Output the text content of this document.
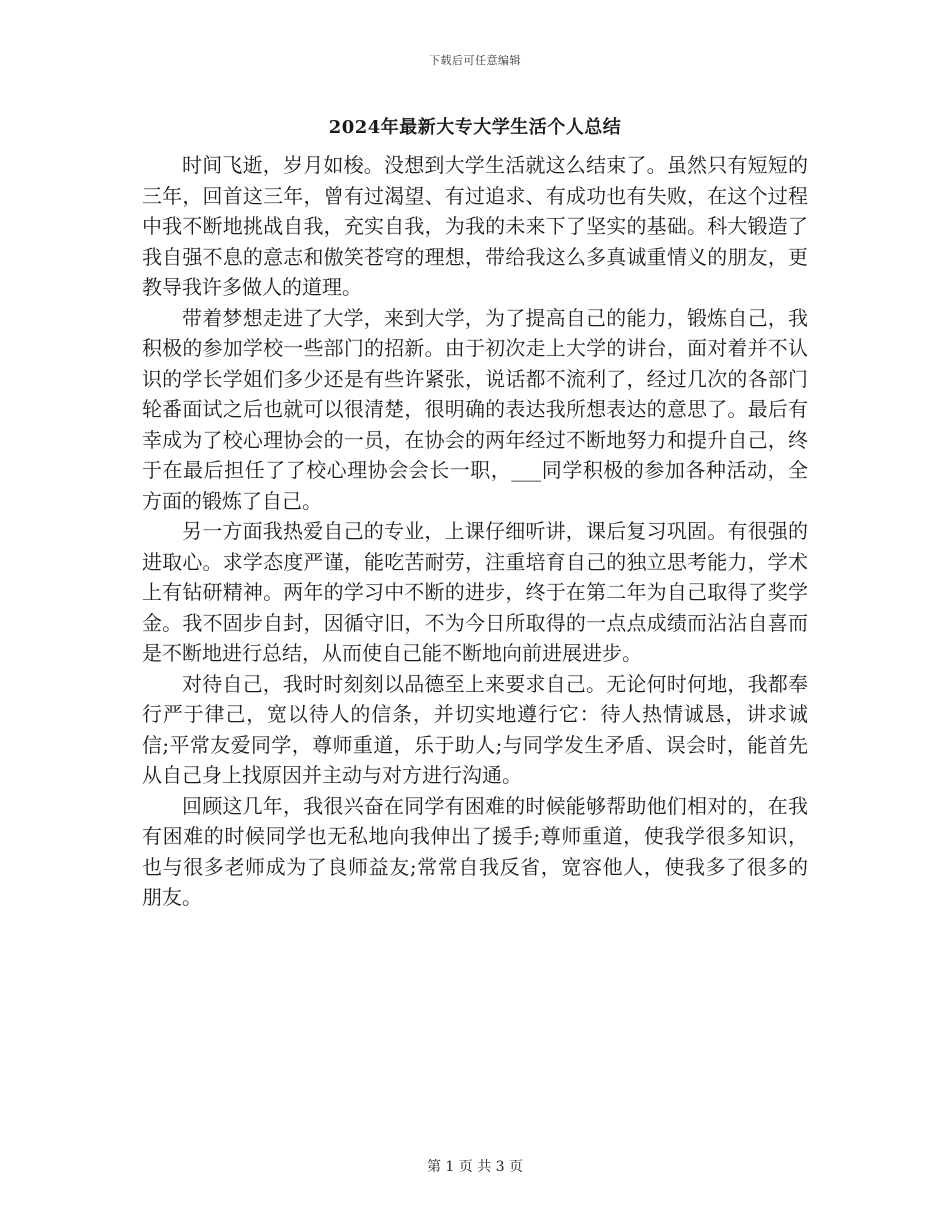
下载后可任意编辑
2024年最新大专大学生活个人总结

时间飞逝，岁月如梭。没想到大学生活就这么结束了。虽然只有短短的三年，回首这三年，曾有过渴望、有过追求、有成功也有失败，在这个过程中我不断地挑战自我，充实自我，为我的未来下了坚实的基础。科大锻造了我自强不息的意志和傲笑苍穹的理想，带给我这么多真诚重情义的朋友，更教导我许多做人的道理。

带着梦想走进了大学，来到大学，为了提高自己的能力，锻炼自己，我积极的参加学校一些部门的招新。由于初次走上大学的讲台，面对着并不认识的学长学姐们多少还是有些许紧张，说话都不流利了，经过几次的各部门轮番面试之后也就可以很清楚，很明确的表达我所想表达的意思了。最后有幸成为了校心理协会的一员，在协会的两年经过不断地努力和提升自己，终于在最后担任了了校心理协会会长一职，___同学积极的参加各种活动，全方面的锻炼了自己。

另一方面我热爱自己的专业，上课仔细听讲，课后复习巩固。有很强的进取心。求学态度严谨，能吃苦耐劳，注重培育自己的独立思考能力，学术上有钻研精神。两年的学习中不断的进步，终于在第二年为自己取得了奖学金。我不固步自封，因循守旧，不为今日所取得的一点点成绩而沾沾自喜而是不断地进行总结，从而使自己能不断地向前进展进步。

对待自己，我时时刻刻以品德至上来要求自己。无论何时何地，我都奉行严于律己，宽以待人的信条，并切实地遵行它：待人热情诚恳，讲求诚信;平常友爱同学，尊师重道，乐于助人;与同学发生矛盾、误会时，能首先从自己身上找原因并主动与对方进行沟通。

回顾这几年，我很兴奋在同学有困难的时候能够帮助他们相对的，在我有困难的时候同学也无私地向我伸出了援手;尊师重道，使我学很多知识，也与很多老师成为了良师益友;常常自我反省，宽容他人，使我多了很多的朋友。

第 1 页 共 3 页
